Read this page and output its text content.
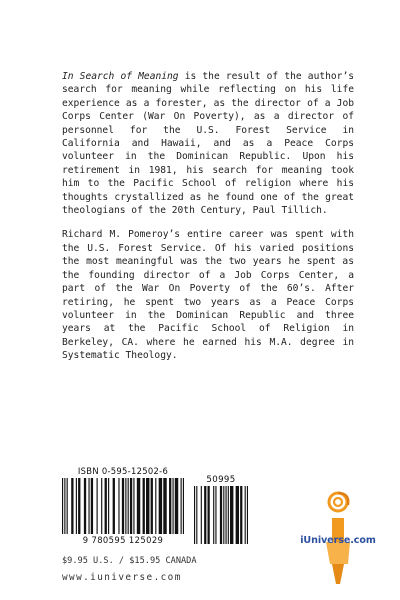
In Search of Meaning is the result of the author’s search for meaning while reflecting on his life experience as a forester, as the director of a Job Corps Center (War On Poverty), as a director of personnel for the U.S. Forest Service in California and Hawaii, and as a Peace Corps volunteer in the Dominican Republic. Upon his retirement in 1981, his search for meaning took him to the Pacific School of religion where his thoughts crystallized as he found one of the great theologians of the 20th Century, Paul Tillich.

Richard M. Pomeroy’s entire career was spent with the U.S. Forest Service. Of his varied positions the most meaningful was the two years he spent as the founding director of a Job Corps Center, a part of the War On Poverty of the 60’s. After retiring, he spent two years as a Peace Corps volunteer in the Dominican Republic and three years at the Pacific School of Religion in Berkeley, CA. where he earned his M.A. degree in Systematic Theology.

ISBN 0-595-12502-6
9 780595 125029
50995
$9.95 U.S. / $15.95 CANADA
www.iuniverse.com
iUniverse.com
